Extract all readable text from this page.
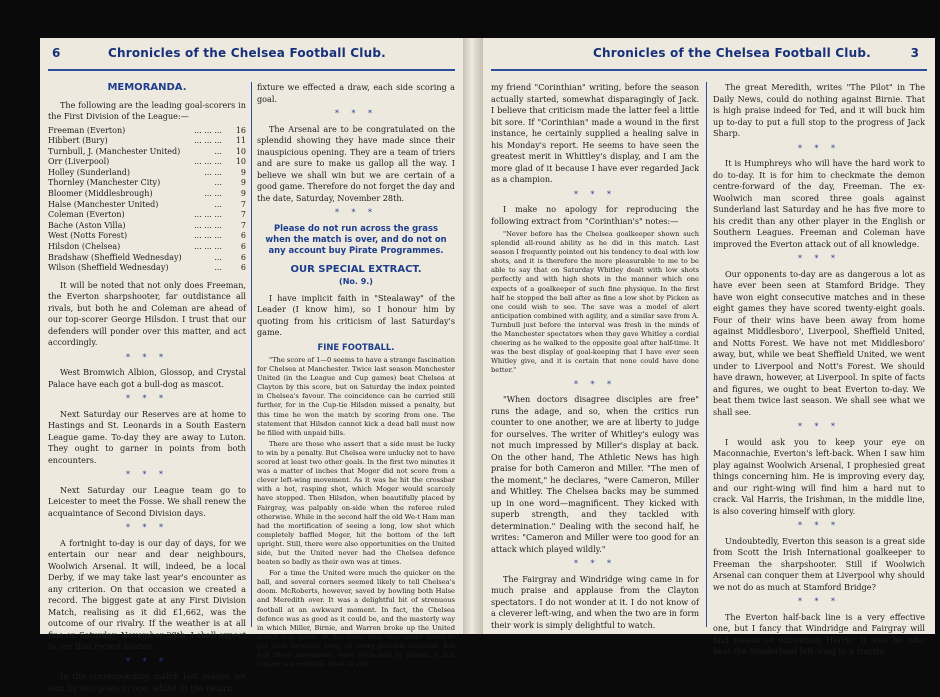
6	Chronicles of the Chelsea Football Club.
MEMORANDA.

The following are the leading goal-scorers in the First Division of the League:—

Freeman (Everton)	... ... ...	16
Hibbert (Bury)	... ... ...	11
Turnbull, J. (Manchester United)	...	10
Orr (Liverpool)	... ... ...	10
Holley (Sunderland)	... ...	9
Thornley (Manchester City)	...	9
Bloomer (Middlesbrough)	... ...	9
Halse (Manchester United)	...	7
Coleman (Everton)	... ... ...	7
Bache (Aston Villa)	... ... ...	7
West (Notts Forest)	... ... ...	6
Hilsdon (Chelsea)	... ... ...	6
Bradshaw (Sheffield Wednesday)	...	6
Wilson (Sheffield Wednesday)	...	6

It will be noted that not only does Freeman, the Everton sharpshooter, far outdistance all rivals, but both he and Coleman are ahead of our top-scorer George Hilsdon. I trust that our defenders will ponder over this matter, and act accordingly.

* * *

West Bromwich Albion, Glossop, and Crystal Palace have each got a bull-dog as mascot.

* * *

Next Saturday our Reserves are at home to Hastings and St. Leonards in a South Eastern League game. To-day they are away to Luton. They ought to garner in points from both encounters.

* * *

Next Saturday our League team go to Leicester to meet the Fosse. We shall renew the acquaintance of Second Division days.

* * *

A fortnight to-day is our day of days, for we entertain our near and dear neighbours, Woolwich Arsenal. It will, indeed, be a local Derby, if we may take last year's encounter as any criterion. On that occasion we created a record. The biggest gate at any First Division Match, realising as it did £1,662, was the outcome of our rivalry. If the weather is at all fine on Saturday, November 28th, I shall expect to see that record beaten.

* * *

In the corresponding match last season we won by two goals to one, whilst in the return

fixture we effected a draw, each side scoring a goal.

* * *

The Arsenal are to be congratulated on the splendid showing they have made since their inauspicious opening. They are a team of triers and are sure to make us gallop all the way. I believe we shall win but we are certain of a good game. Therefore do not forget the day and the date, Saturday, November 28th.

* * *
Please do not run across the grass when the match is over, and do not on any account buy Pirate Programmes.
OUR SPECIAL EXTRACT.
(No. 9.)

I have implicit faith in "Stealaway" of the Leader (I know him), so I honour him by quoting from his criticism of last Saturday's game.

FINE FOOTBALL.

"The score of 1—0 seems to have a strange fascination for Chelsea at Manchester. Twice last season Manchester United (in the League and Cup games) beat Chelsea at Clayton by this score, but on Saturday the index pointed in Chelsea's favour. The coincidence can be carried still further, for in the Cup-tie Hilsdon missed a penalty, but this time he won the match by scoring from one. The statement that Hilsdon cannot kick a dead ball must now be filled with unpaid bills.

There are those who assert that a side must be lucky to win by a penalty. But Chelsea were unlucky not to have scored at least two other goals. In the first two minutes it was a matter of inches that Moger did not score from a clever left-wing movement. As it was he hit the crossbar with a hot, rasping shot, which Moger would scarcely have stopped. Then Hilsdon, when beautifully placed by Fairgray, was palpably on-side when the referee ruled otherwise. While in the second half the old We-t Ham man had the mortification of seeing a long, low shot which completely baffled Moger, hit the bottom of the left upright. Still, there were also opportunities on the United side, but the United never had the Chelsea defence beaten so badly as their own was at times.

For a time the United were much the quicker on the ball, and several corners seemed likely to tell Chelsea's doom. McRoberts, however, saved by bowling both Halse and Meredith over. It was a delightful bit of strenuous football at an awkward moment. In fact, the Chelsea defence was as good as it could be, and the masterly way in which Miller, Birnie, and Warren broke up the United attack was great. At the same time they never failed to get their forwards away on every possible occasion. But half those movements were jettisoned by Brawn. A fast winger is a valuable asset to any

Chronicles of the Chelsea Football Club.	3

my friend "Corinthian" writing, before the season actually started, somewhat disparagingly of Jack. I believe that criticism made the latter feel a little bit sore. If "Corinthian" made a wound in the first instance, he certainly supplied a healing salve in his Monday's report. He seems to have seen the greatest merit in Whittley's display, and I am the more glad of it because I have ever regarded Jack as a champion.

* * *

I make no apology for reproducing the following extract from "Corinthian's" notes:—

"Never before has the Chelsea goalkeeper shown such splendid all-round ability as he did in this match. Last season I frequently pointed out his tendency to deal with low shots, and it is therefore the more pleasurable to me to be able to say that on Saturday Whitley dealt with low shots perfectly and with high shots in the manner which one expects of a goalkeeper of such fine physique. In the first half he stopped the ball after as fine a low shot by Picken as one could wish to see. The save was a model of alert anticipation combined with agility, and a similar save from A. Turnbull just before the interval was fresh in the minds of the Manchester spectators when they gave Whitley a cordial cheering as he walked to the opposite goal after half-time. It was the best display of goal-keeping that I have ever seen Whitley give, and it is certain that none could have done better."

* * *

"When doctors disagree disciples are free" runs the adage, and so, when the critics run counter to one another, we are at liberty to judge for ourselves. The writer of Whitley's eulogy was not much impressed by Miller's display at back. On the other hand, The Athletic News has high praise for both Cameron and Miller. "The men of the moment," he declares, "were Cameron, Miller and Whitley. The Chelsea backs may be summed up in one word—magnificent. They kicked with superb strength, and they tackled with determination." Dealing with the second half, he writes: "Cameron and Miller were too good for an attack which played wildly."

* * *

The Fairgray and Windridge wing came in for much praise and applause from the Clayton spectators. I do not wonder at it. I do not know of a cleverer left-wing, and when the two are in form their work is simply delightful to watch.

The great Meredith, writes "The Pilot" in The Daily News, could do nothing against Birnie. That is high praise indeed for Ted, and it will buck him up to-day to put a full stop to the progress of Jack Sharp.

* * *

It is Humphreys who will have the hard work to do to-day. It is for him to checkmate the demon centre-forward of the day, Freeman. The ex-Woolwich man scored three goals against Sunderland last Saturday and he has five more to his credit than any other player in the English or Southern Leagues. Freeman and Coleman have improved the Everton attack out of all knowledge.

* * *

Our opponents to-day are as dangerous a lot as have ever been seen at Stamford Bridge. They have won eight consecutive matches and in these eight games they have scored twenty-eight goals. Four of their wins have been away from home against Middlesboro', Liverpool, Sheffield United, and Notts Forest. We have not met Middlesboro' away, but, while we beat Sheffield United, we went under to Liverpool and Nott's Forest. We should have drawn, however, at Liverpool. In spite of facts and figures, we ought to beat Everton to-day. We beat them twice last season. We shall see what we shall see.

* * *

I would ask you to keep your eye on Maconnachie, Everton's left-back. When I saw him play against Woolwich Arsenal, I prophesied great things concerning him. He is improving every day, and our right-wing will find him a hard nut to crack. Val Harris, the Irishman, in the middle line, is also covering himself with glory.

* * *

Undoubtedly, Everton this season is a great side from Scott the Irish International goalkeeper to Freeman the sharpshooter. Still if Woolwich Arsenal can conquer them at Liverpool why should we not do as much at Stamford Bridge?

* * *

The Everton half-back line is a very effective one, but I fancy that Windridge and Fairgray will find means of outwitting Harris. It was he who beat the Sunderland left-wing to a frazzle
